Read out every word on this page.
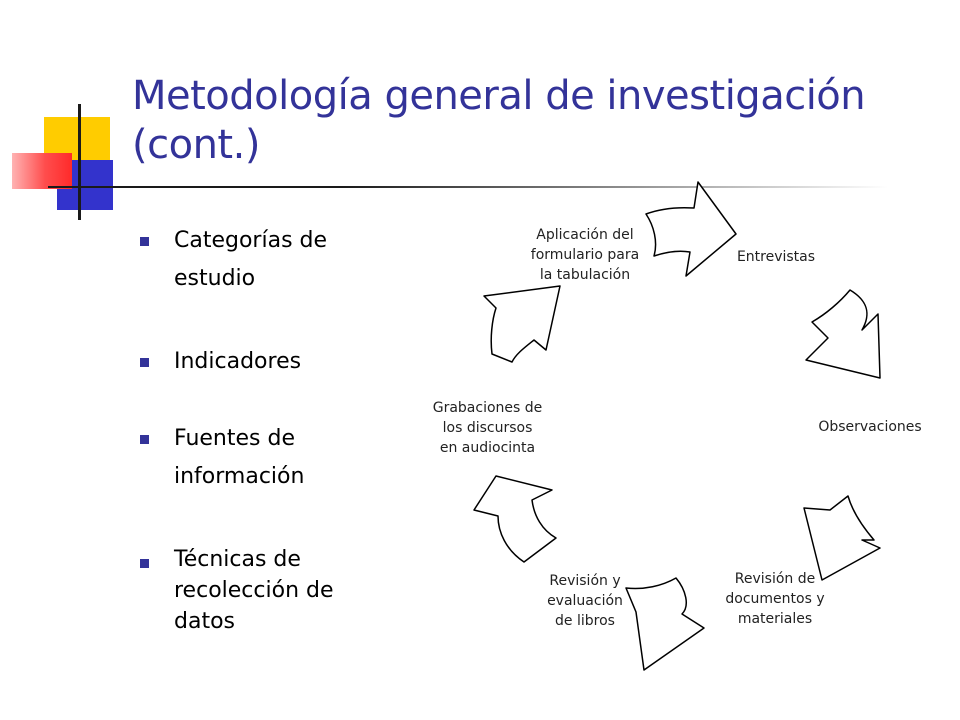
Metodología general de investigación (cont.)
Categorías de
estudio
Indicadores
Fuentes de
información
Técnicas de
recolección de
datos
Aplicación del
formulario para
la tabulación
Entrevistas
Observaciones
Revisión de
documentos y
materiales
Revisión y
evaluación
de libros
Grabaciones de
los discursos
en audiocinta
